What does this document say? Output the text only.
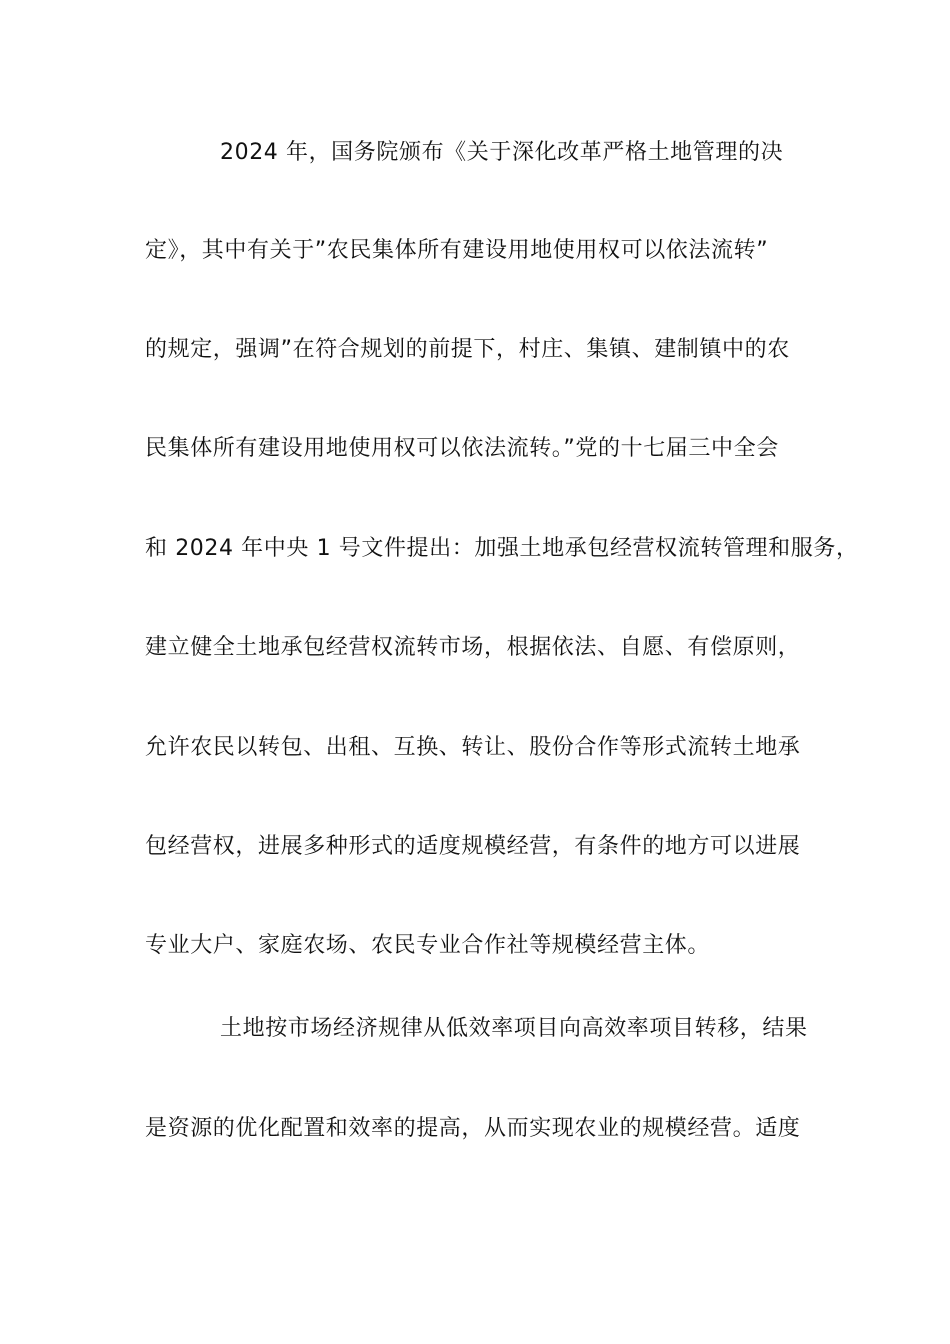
2024 年，国务院颁布《关于深化改革严格土地管理的决
定》，其中有关于”农民集体所有建设用地使用权可以依法流转”
的规定，强调”在符合规划的前提下，村庄、集镇、建制镇中的农
民集体所有建设用地使用权可以依法流转。”党的十七届三中全会
和 2024 年中央 1 号文件提出：加强土地承包经营权流转管理和服务，
建立健全土地承包经营权流转市场，根据依法、自愿、有偿原则，
允许农民以转包、出租、互换、转让、股份合作等形式流转土地承
包经营权，进展多种形式的适度规模经营，有条件的地方可以进展
专业大户、家庭农场、农民专业合作社等规模经营主体。
土地按市场经济规律从低效率项目向高效率项目转移，结果
是资源的优化配置和效率的提高，从而实现农业的规模经营。适度
